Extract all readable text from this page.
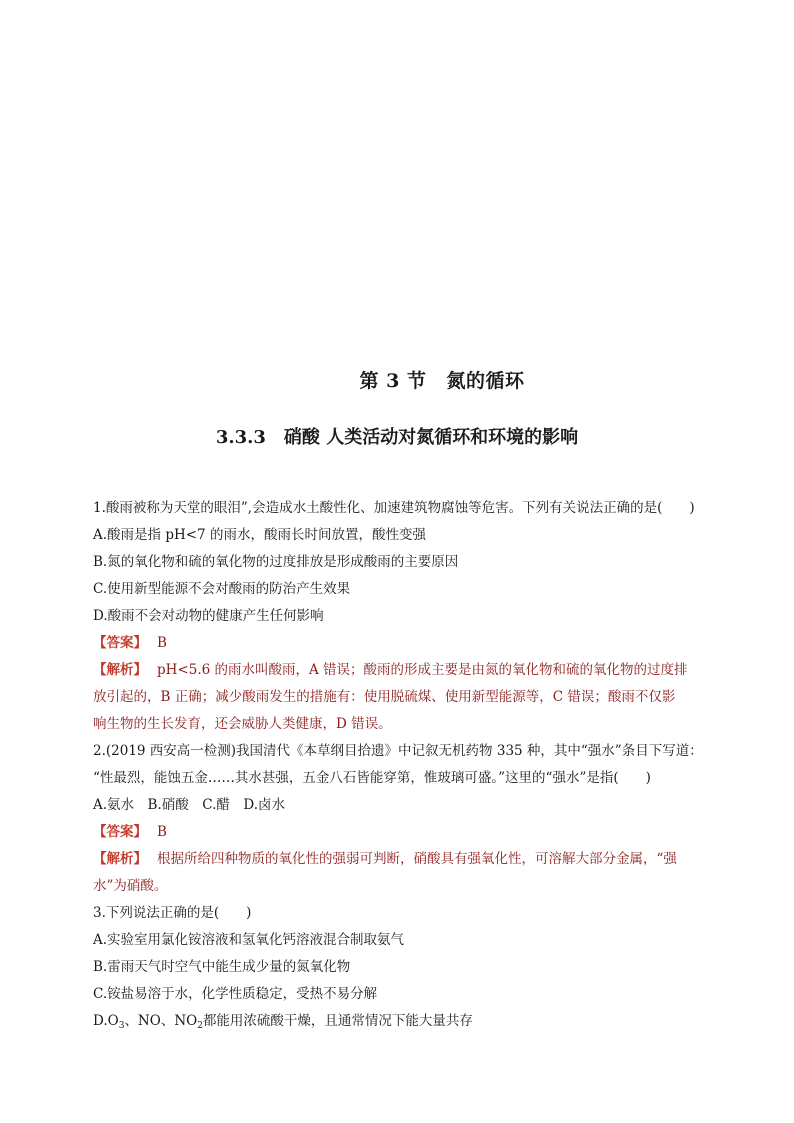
第 3 节 氮的循环
3.3.3 硝酸 人类活动对氮循环和环境的影响
1.酸雨被称为天堂的眼泪”,会造成水土酸性化、加速建筑物腐蚀等危害。下列有关说法正确的是(　　)
A.酸雨是指 pH<7 的雨水，酸雨长时间放置，酸性变强
B.氮的氧化物和硫的氧化物的过度排放是形成酸雨的主要原因
C.使用新型能源不会对酸雨的防治产生效果
D.酸雨不会对动物的健康产生任何影响
【答案】 B
【解析】 pH<5.6 的雨水叫酸雨，A 错误；酸雨的形成主要是由氮的氧化物和硫的氧化物的过度排
放引起的，B 正确；减少酸雨发生的措施有：使用脱硫煤、使用新型能源等，C 错误；酸雨不仅影
响生物的生长发育，还会威胁人类健康，D 错误。
2.(2019 西安高一检测)我国清代《本草纲目拾遗》中记叙无机药物 335 种，其中“强水”条目下写道：
“性最烈，能蚀五金……其水甚强，五金八石皆能穿第，惟玻璃可盛。”这里的“强水”是指(　　)
A.氨水　B.硝酸　C.醋　D.卤水
【答案】 B
【解析】 根据所给四种物质的氧化性的强弱可判断，硝酸具有强氧化性，可溶解大部分金属，“强
水”为硝酸。
3.下列说法正确的是(　　)
A.实验室用氯化铵溶液和氢氧化钙溶液混合制取氨气
B.雷雨天气时空气中能生成少量的氮氧化物
C.铵盐易溶于水，化学性质稳定，受热不易分解
$D.O_3$、NO、$NO_2$都能用浓硫酸干燥，且通常情况下能大量共存
